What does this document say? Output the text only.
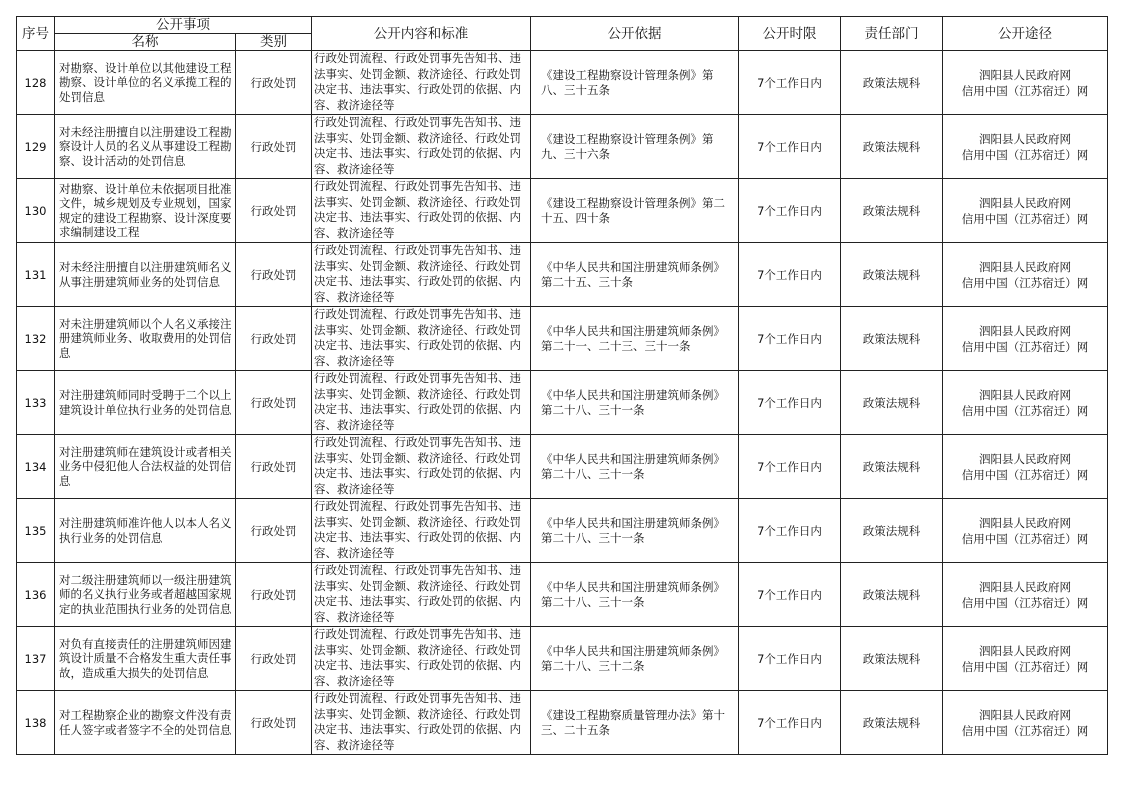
序号	公开事项		公开内容和标准	公开依据	公开时限	责任部门	公开途径
	名称	类别					
128	对勘察、设计单位以其他建设工程勘察、设计单位的名义承揽工程的处罚信息	行政处罚	行政处罚流程、行政处罚事先告知书、违法事实、处罚金额、救济途径、行政处罚决定书、违法事实、行政处罚的依据、内容、救济途径等	《建设工程勘察设计管理条例》第八、三十五条	7个工作日内	政策法规科	泗阳县人民政府网
信用中国（江苏宿迁）网

129	对未经注册擅自以注册建设工程勘察设计人员的名义从事建设工程勘察、设计活动的处罚信息	行政处罚	行政处罚流程、行政处罚事先告知书、违法事实、处罚金额、救济途径、行政处罚决定书、违法事实、行政处罚的依据、内容、救济途径等	《建设工程勘察设计管理条例》第九、三十六条	7个工作日内	政策法规科	泗阳县人民政府网
信用中国（江苏宿迁）网

130	对勘察、设计单位未依据项目批准文件，城乡规划及专业规划，国家规定的建设工程勘察、设计深度要求编制建设工程	行政处罚	行政处罚流程、行政处罚事先告知书、违法事实、处罚金额、救济途径、行政处罚决定书、违法事实、行政处罚的依据、内容、救济途径等	《建设工程勘察设计管理条例》第二十五、四十条	7个工作日内	政策法规科	泗阳县人民政府网
信用中国（江苏宿迁）网

131	对未经注册擅自以注册建筑师名义从事注册建筑师业务的处罚信息	行政处罚	行政处罚流程、行政处罚事先告知书、违法事实、处罚金额、救济途径、行政处罚决定书、违法事实、行政处罚的依据、内容、救济途径等	《中华人民共和国注册建筑师条例》第二十五、三十条	7个工作日内	政策法规科	泗阳县人民政府网
信用中国（江苏宿迁）网

132	对未注册建筑师以个人名义承接注册建筑师业务、收取费用的处罚信息	行政处罚	行政处罚流程、行政处罚事先告知书、违法事实、处罚金额、救济途径、行政处罚决定书、违法事实、行政处罚的依据、内容、救济途径等	《中华人民共和国注册建筑师条例》第二十一、二十三、三十一条	7个工作日内	政策法规科	泗阳县人民政府网
信用中国（江苏宿迁）网

133	对注册建筑师同时受聘于二个以上建筑设计单位执行业务的处罚信息	行政处罚	行政处罚流程、行政处罚事先告知书、违法事实、处罚金额、救济途径、行政处罚决定书、违法事实、行政处罚的依据、内容、救济途径等	《中华人民共和国注册建筑师条例》第二十八、三十一条	7个工作日内	政策法规科	泗阳县人民政府网
信用中国（江苏宿迁）网

134	对注册建筑师在建筑设计或者相关业务中侵犯他人合法权益的处罚信息	行政处罚	行政处罚流程、行政处罚事先告知书、违法事实、处罚金额、救济途径、行政处罚决定书、违法事实、行政处罚的依据、内容、救济途径等	《中华人民共和国注册建筑师条例》第二十八、三十一条	7个工作日内	政策法规科	泗阳县人民政府网
信用中国（江苏宿迁）网

135	对注册建筑师准许他人以本人名义执行业务的处罚信息	行政处罚	行政处罚流程、行政处罚事先告知书、违法事实、处罚金额、救济途径、行政处罚决定书、违法事实、行政处罚的依据、内容、救济途径等	《中华人民共和国注册建筑师条例》第二十八、三十一条	7个工作日内	政策法规科	泗阳县人民政府网
信用中国（江苏宿迁）网

136	对二级注册建筑师以一级注册建筑师的名义执行业务或者超越国家规定的执业范围执行业务的处罚信息	行政处罚	行政处罚流程、行政处罚事先告知书、违法事实、处罚金额、救济途径、行政处罚决定书、违法事实、行政处罚的依据、内容、救济途径等	《中华人民共和国注册建筑师条例》第二十八、三十一条	7个工作日内	政策法规科	泗阳县人民政府网
信用中国（江苏宿迁）网

137	对负有直接责任的注册建筑师因建筑设计质量不合格发生重大责任事故，造成重大损失的处罚信息	行政处罚	行政处罚流程、行政处罚事先告知书、违法事实、处罚金额、救济途径、行政处罚决定书、违法事实、行政处罚的依据、内容、救济途径等	《中华人民共和国注册建筑师条例》第二十八、三十二条	7个工作日内	政策法规科	泗阳县人民政府网
信用中国（江苏宿迁）网

138	对工程勘察企业的勘察文件没有责任人签字或者签字不全的处罚信息	行政处罚	行政处罚流程、行政处罚事先告知书、违法事实、处罚金额、救济途径、行政处罚决定书、违法事实、行政处罚的依据、内容、救济途径等	《建设工程勘察质量管理办法》第十三、二十五条	7个工作日内	政策法规科	泗阳县人民政府网
信用中国（江苏宿迁）网
